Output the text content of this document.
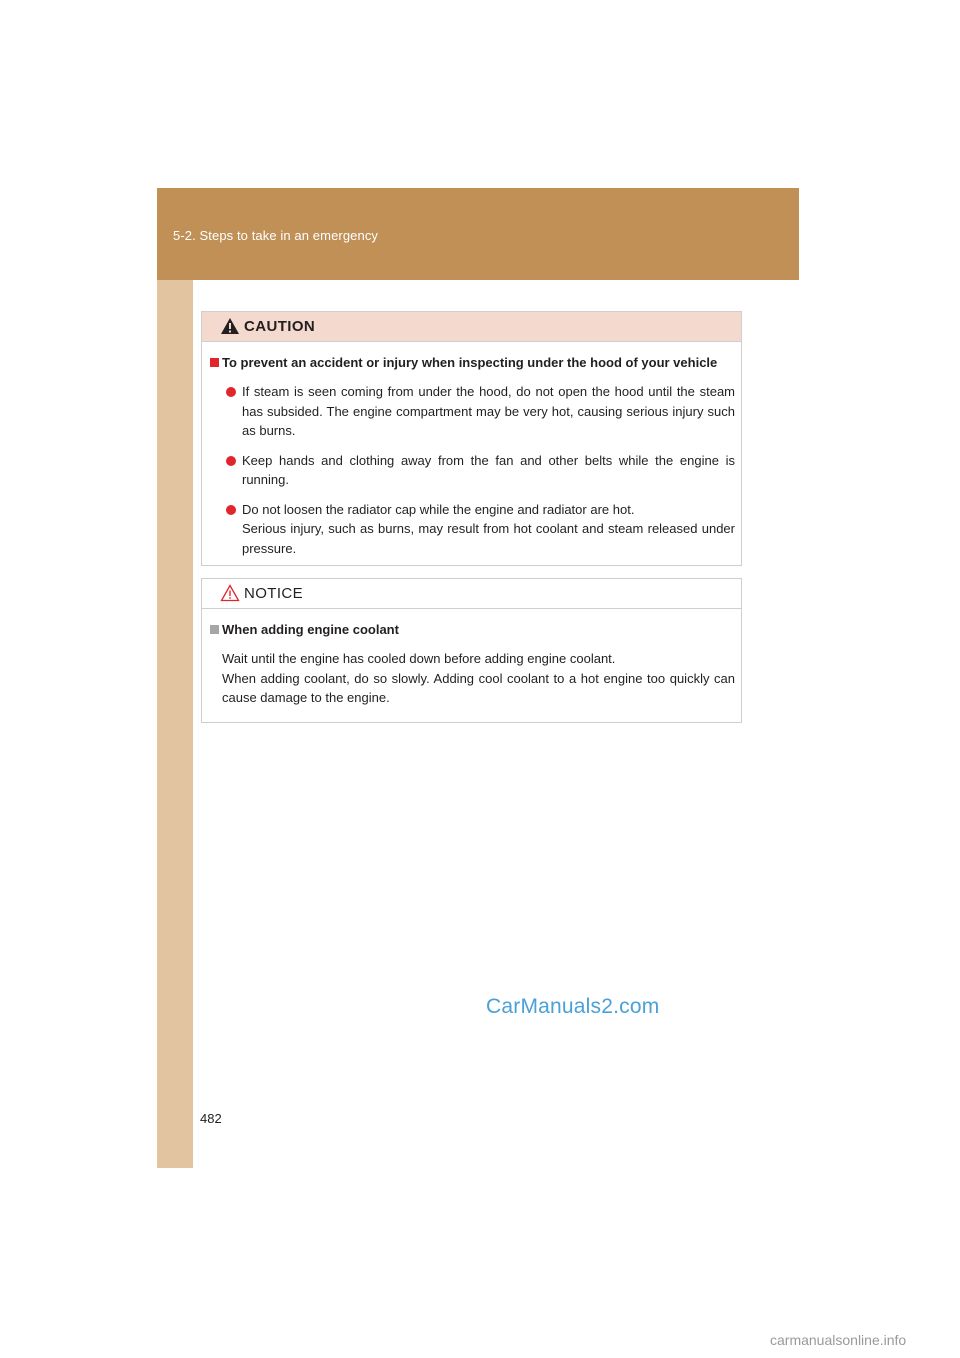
5-2. Steps to take in an emergency
CAUTION
To prevent an accident or injury when inspecting under the hood of your vehicle

If steam is seen coming from under the hood, do not open the hood until the steam has subsided. The engine compartment may be very hot, causing serious injury such as burns.

Keep hands and clothing away from the fan and other belts while the engine is running.

Do not loosen the radiator cap while the engine and radiator are hot.

Serious injury, such as burns, may result from hot coolant and steam released under pressure.

NOTICE
When adding engine coolant

Wait until the engine has cooled down before adding engine coolant.

When adding coolant, do so slowly. Adding cool coolant to a hot engine too quickly can cause damage to the engine.

CarManuals2.com
482
carmanualsonline.info
